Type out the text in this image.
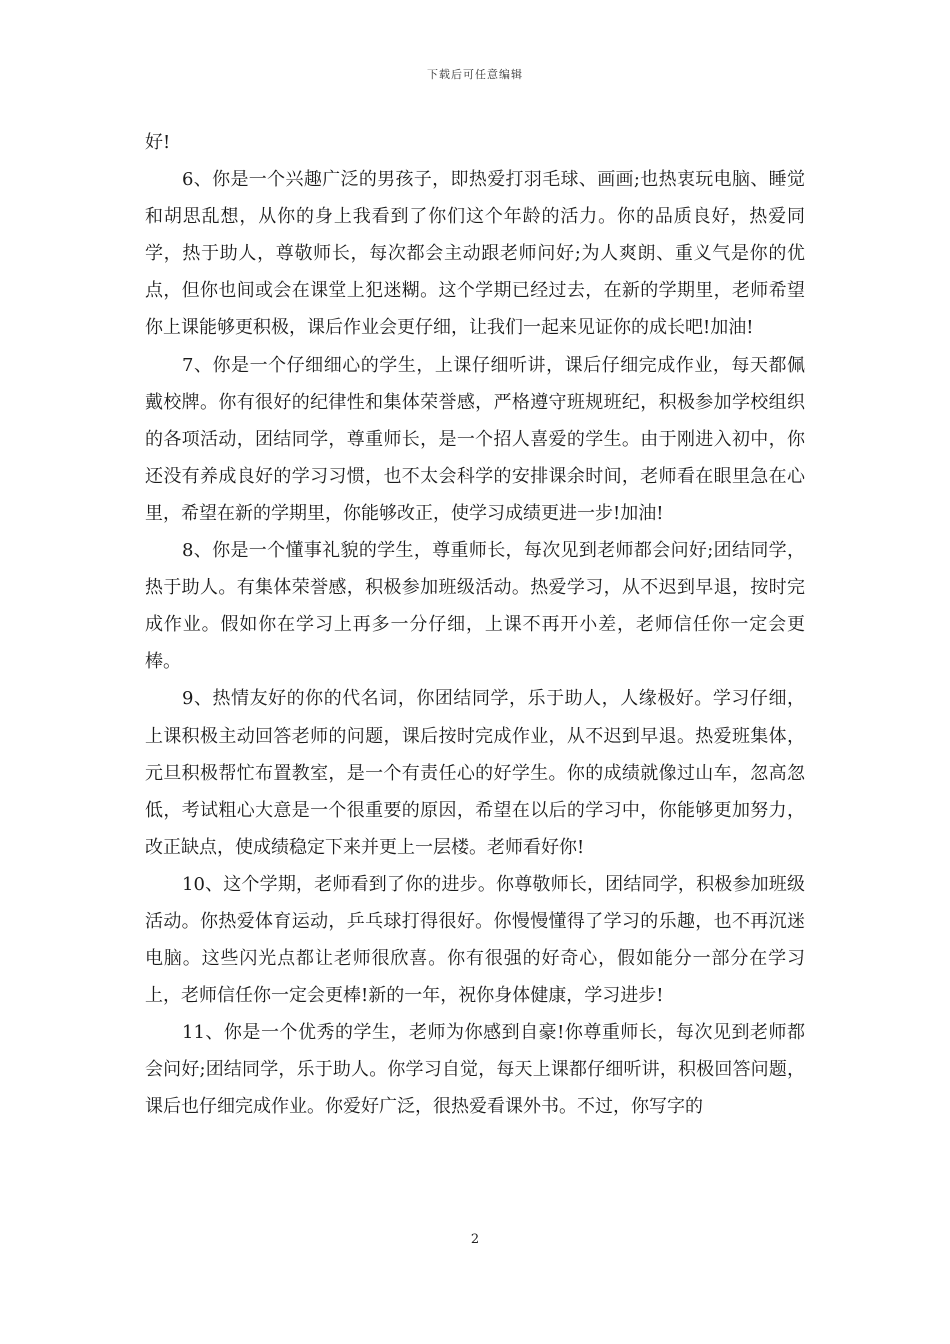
下载后可任意编辑

好!

6、你是一个兴趣广泛的男孩子，即热爱打羽毛球、画画;也热衷玩电脑、睡觉和胡思乱想，从你的身上我看到了你们这个年龄的活力。你的品质良好，热爱同学，热于助人，尊敬师长，每次都会主动跟老师问好;为人爽朗、重义气是你的优点，但你也间或会在课堂上犯迷糊。这个学期已经过去，在新的学期里，老师希望你上课能够更积极，课后作业会更仔细，让我们一起来见证你的成长吧!加油!

7、你是一个仔细细心的学生，上课仔细听讲，课后仔细完成作业，每天都佩戴校牌。你有很好的纪律性和集体荣誉感，严格遵守班规班纪，积极参加学校组织的各项活动，团结同学，尊重师长，是一个招人喜爱的学生。由于刚进入初中，你还没有养成良好的学习习惯，也不太会科学的安排课余时间，老师看在眼里急在心里，希望在新的学期里，你能够改正，使学习成绩更进一步!加油!

8、你是一个懂事礼貌的学生，尊重师长，每次见到老师都会问好;团结同学，热于助人。有集体荣誉感，积极参加班级活动。热爱学习，从不迟到早退，按时完成作业。假如你在学习上再多一分仔细，上课不再开小差，老师信任你一定会更棒。

9、热情友好的你的代名词，你团结同学，乐于助人，人缘极好。学习仔细，上课积极主动回答老师的问题，课后按时完成作业，从不迟到早退。热爱班集体，元旦积极帮忙布置教室，是一个有责任心的好学生。你的成绩就像过山车，忽高忽低，考试粗心大意是一个很重要的原因，希望在以后的学习中，你能够更加努力，改正缺点，使成绩稳定下来并更上一层楼。老师看好你!

10、这个学期，老师看到了你的进步。你尊敬师长，团结同学，积极参加班级活动。你热爱体育运动，乒乓球打得很好。你慢慢懂得了学习的乐趣，也不再沉迷电脑。这些闪光点都让老师很欣喜。你有很强的好奇心，假如能分一部分在学习上，老师信任你一定会更棒!新的一年，祝你身体健康，学习进步!

11、你是一个优秀的学生，老师为你感到自豪!你尊重师长，每次见到老师都会问好;团结同学，乐于助人。你学习自觉，每天上课都仔细听讲，积极回答问题，课后也仔细完成作业。你爱好广泛，很热爱看课外书。不过，你写字的

2
